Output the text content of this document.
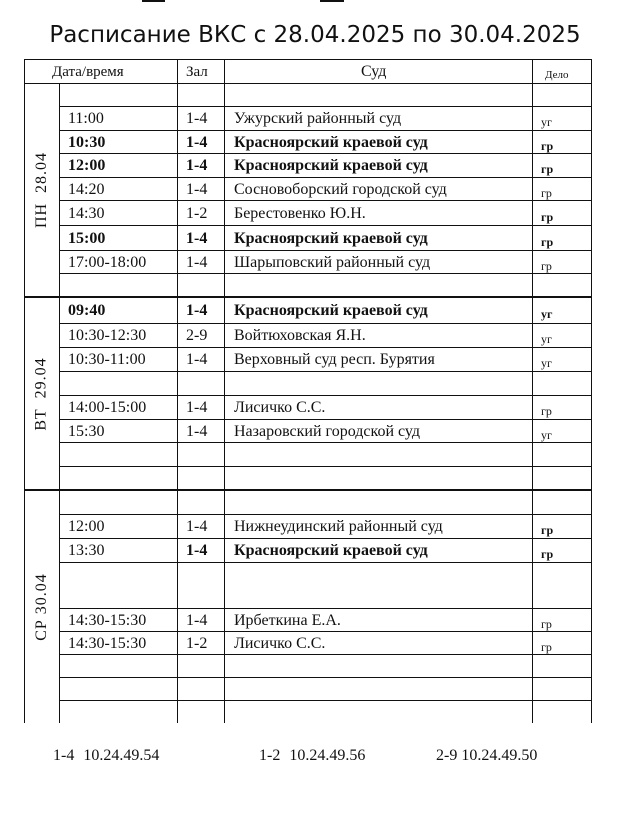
Расписание ВКС с 28.04.2025 по 30.04.2025
Дата/время	Зал	Суд	Дело
ПН  28.04
11:00	1-4 Ужурский районный суд	уг
10:30	1-4 Красноярский краевой суд	гр
12:00	1-4 Красноярский краевой суд	гр
14:20	1-4 Сосновоборский городской суд	гр
14:30	1-2 Берестовенко Ю.Н.	гр
15:00	1-4 Красноярский краевой суд	гр
17:00-18:00 1-4 Шарыповский районный суд	гр
ВТ  29.04
09:40	1-4 Красноярский краевой суд	уг
10:30-12:30 2-9 Войтюховская Я.Н.	уг
10:30-11:00	1-4 Верховный суд респ. Бурятия	уг
14:00-15:00 1-4 Лисичко С.С.	гр
15:30	1-4 Назаровский городской суд	уг
СР 30.04
12:00	1-4 Нижнеудинский районный суд	гр
13:30	1-4 Красноярский краевой суд	гр
14:30-15:30 1-4 Ирбеткина Е.А.	гр
14:30-15:30 1-2 Лисичко С.С.	гр
1-4 10.24.49.54	1-2 10.24.49.56	2-9 10.24.49.50
